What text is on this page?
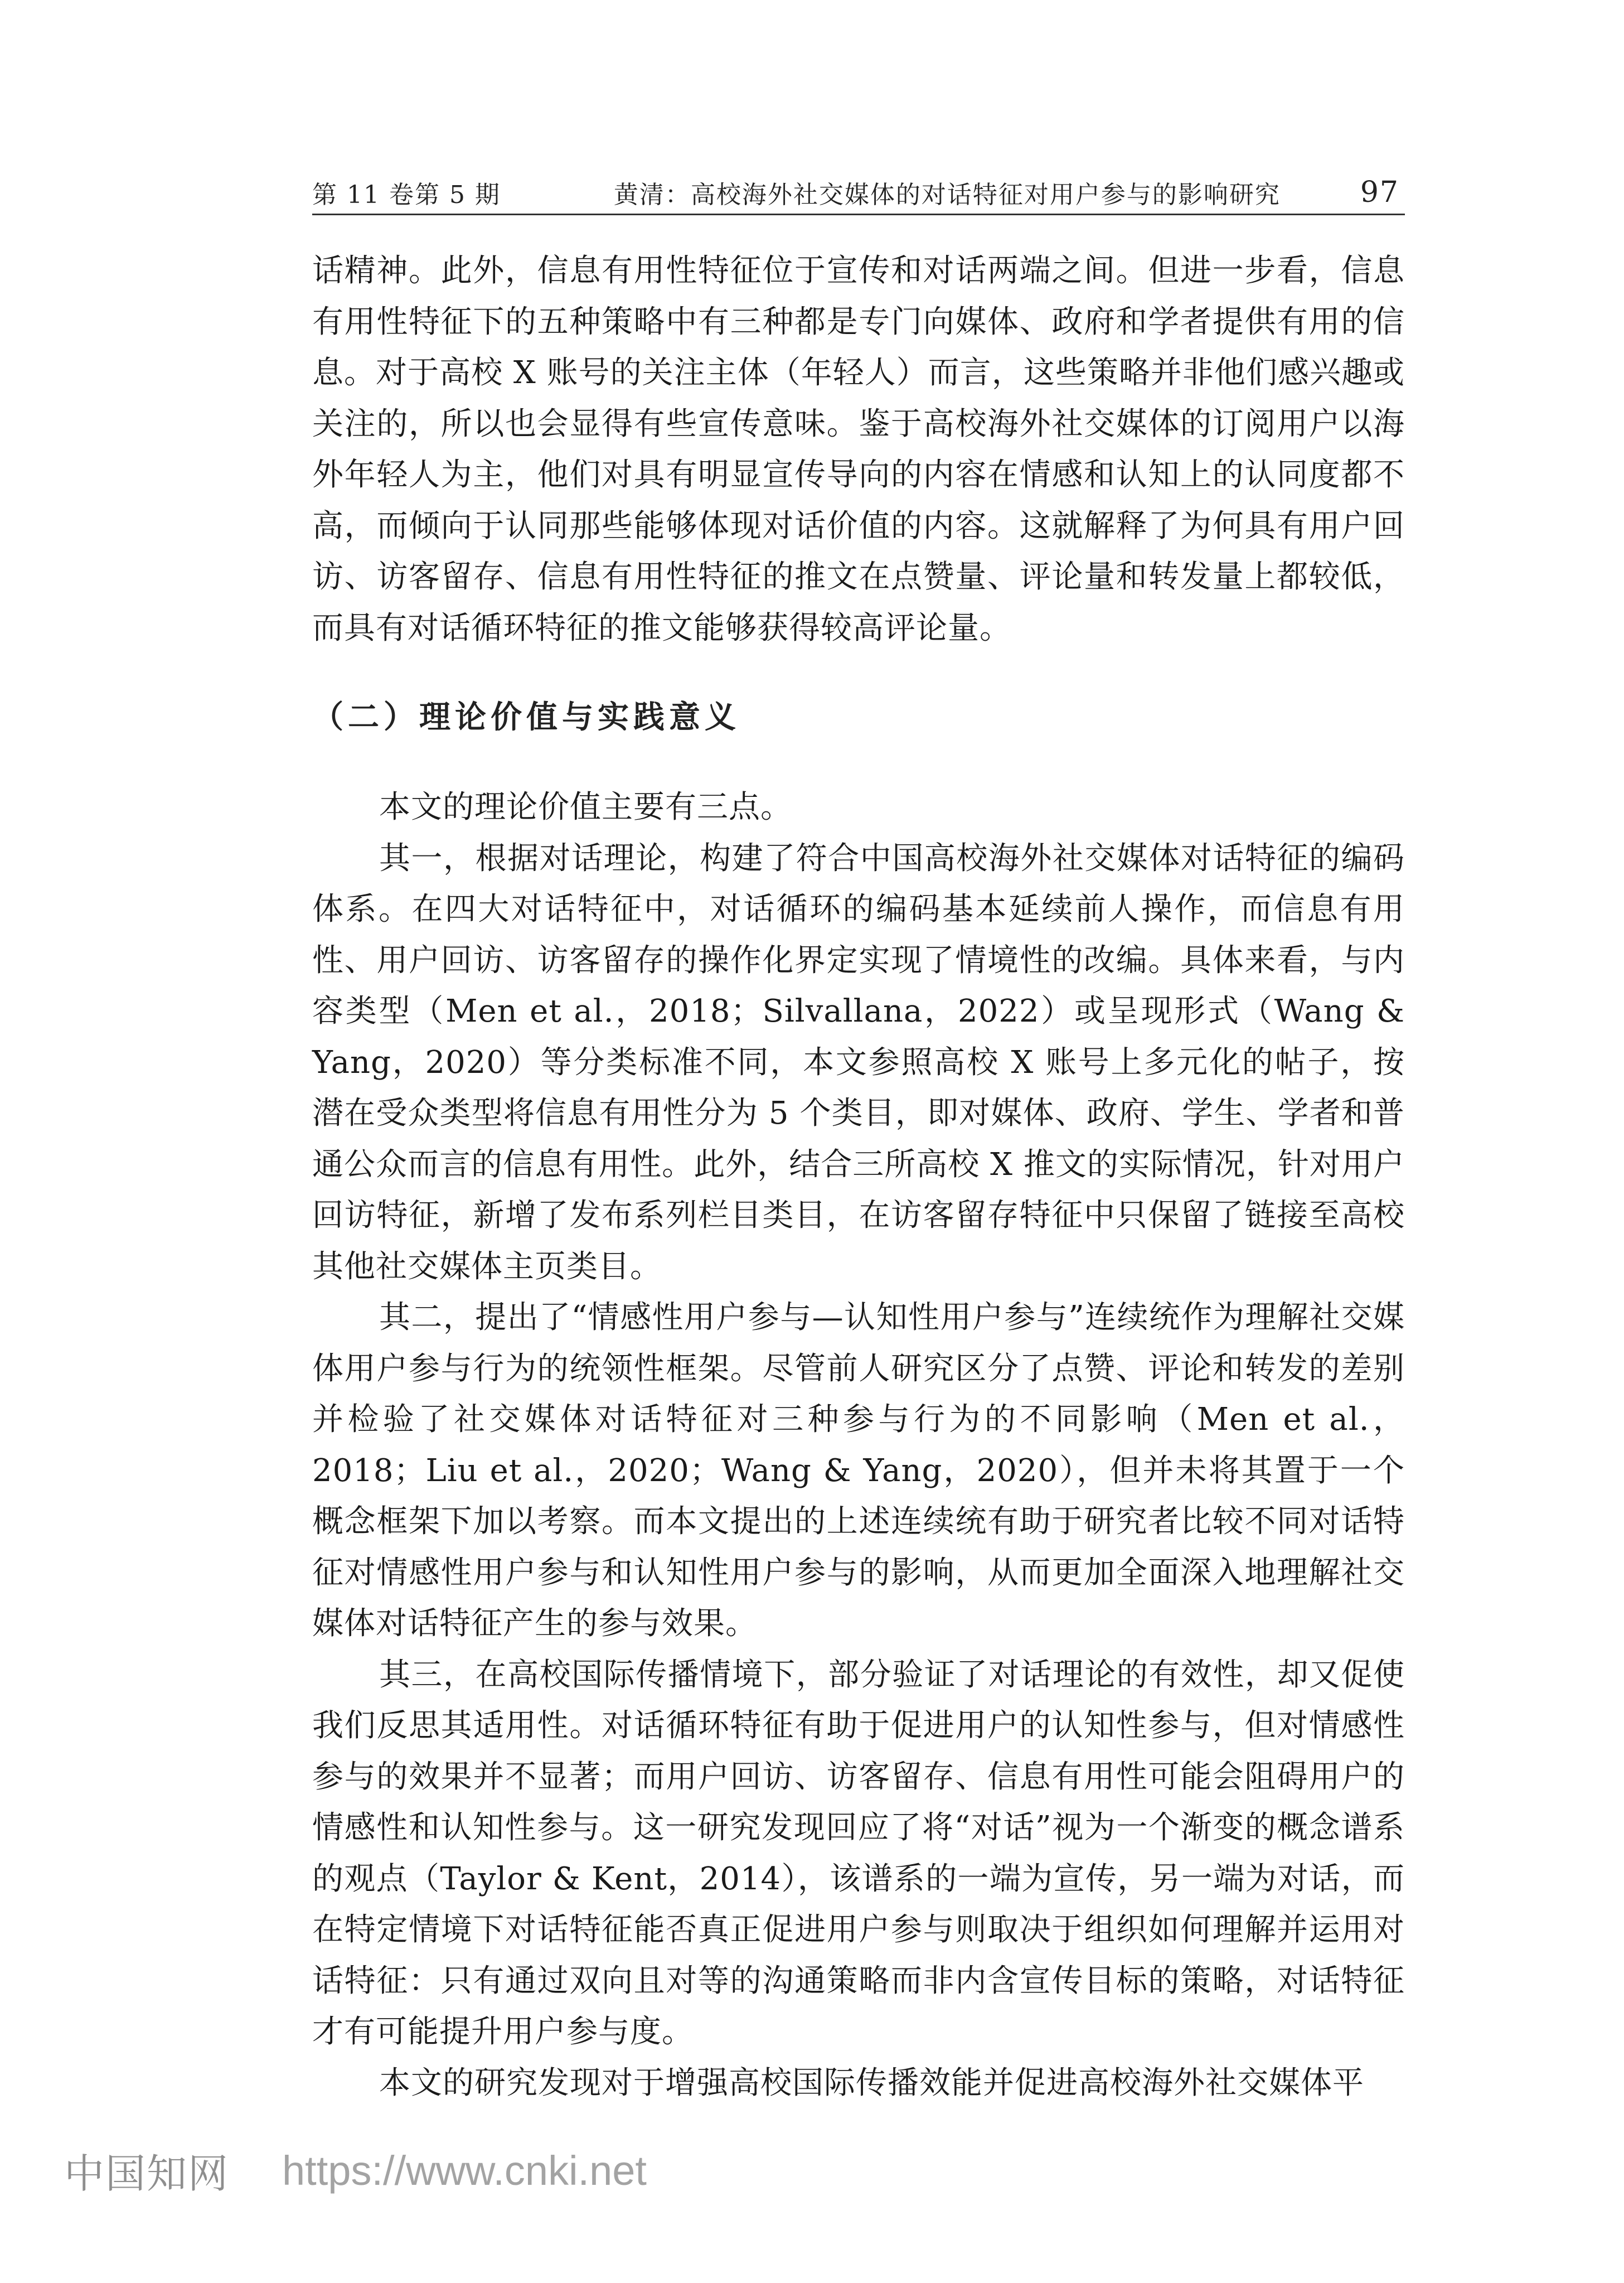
第 11 卷第 5 期	黄清：高校海外社交媒体的对话特征对用户参与的影响研究	97

话精神。此外，信息有用性特征位于宣传和对话两端之间。但进一步看，信息有用性特征下的五种策略中有三种都是专门向媒体、政府和学者提供有用的信息。对于高校 X 账号的关注主体（年轻人）而言，这些策略并非他们感兴趣或关注的，所以也会显得有些宣传意味。鉴于高校海外社交媒体的订阅用户以海外年轻人为主，他们对具有明显宣传导向的内容在情感和认知上的认同度都不高，而倾向于认同那些能够体现对话价值的内容。这就解释了为何具有用户回访、访客留存、信息有用性特征的推文在点赞量、评论量和转发量上都较低，而具有对话循环特征的推文能够获得较高评论量。

（二）理论价值与实践意义

本文的理论价值主要有三点。

其一，根据对话理论，构建了符合中国高校海外社交媒体对话特征的编码体系。在四大对话特征中，对话循环的编码基本延续前人操作，而信息有用性、用户回访、访客留存的操作化界定实现了情境性的改编。具体来看，与内容类型（Men et al.，2018；Silvallana，2022）或呈现形式（Wang & Yang，2020）等分类标准不同，本文参照高校 X 账号上多元化的帖子，按潜在受众类型将信息有用性分为 5 个类目，即对媒体、政府、学生、学者和普通公众而言的信息有用性。此外，结合三所高校 X 推文的实际情况，针对用户回访特征，新增了发布系列栏目类目，在访客留存特征中只保留了链接至高校其他社交媒体主页类目。

其二，提出了“情感性用户参与—认知性用户参与”连续统作为理解社交媒体用户参与行为的统领性框架。尽管前人研究区分了点赞、评论和转发的差别并检验了社交媒体对话特征对三种参与行为的不同影响（Men et al.，2018；Liu et al.，2020；Wang & Yang，2020），但并未将其置于一个概念框架下加以考察。而本文提出的上述连续统有助于研究者比较不同对话特征对情感性用户参与和认知性用户参与的影响，从而更加全面深入地理解社交媒体对话特征产生的参与效果。

其三，在高校国际传播情境下，部分验证了对话理论的有效性，却又促使我们反思其适用性。对话循环特征有助于促进用户的认知性参与，但对情感性参与的效果并不显著；而用户回访、访客留存、信息有用性可能会阻碍用户的情感性和认知性参与。这一研究发现回应了将“对话”视为一个渐变的概念谱系的观点（Taylor & Kent，2014），该谱系的一端为宣传，另一端为对话，而在特定情境下对话特征能否真正促进用户参与则取决于组织如何理解并运用对话特征：只有通过双向且对等的沟通策略而非内含宣传目标的策略，对话特征才有可能提升用户参与度。

本文的研究发现对于增强高校国际传播效能并促进高校海外社交媒体平

中国知网 https://www.cnki.net
